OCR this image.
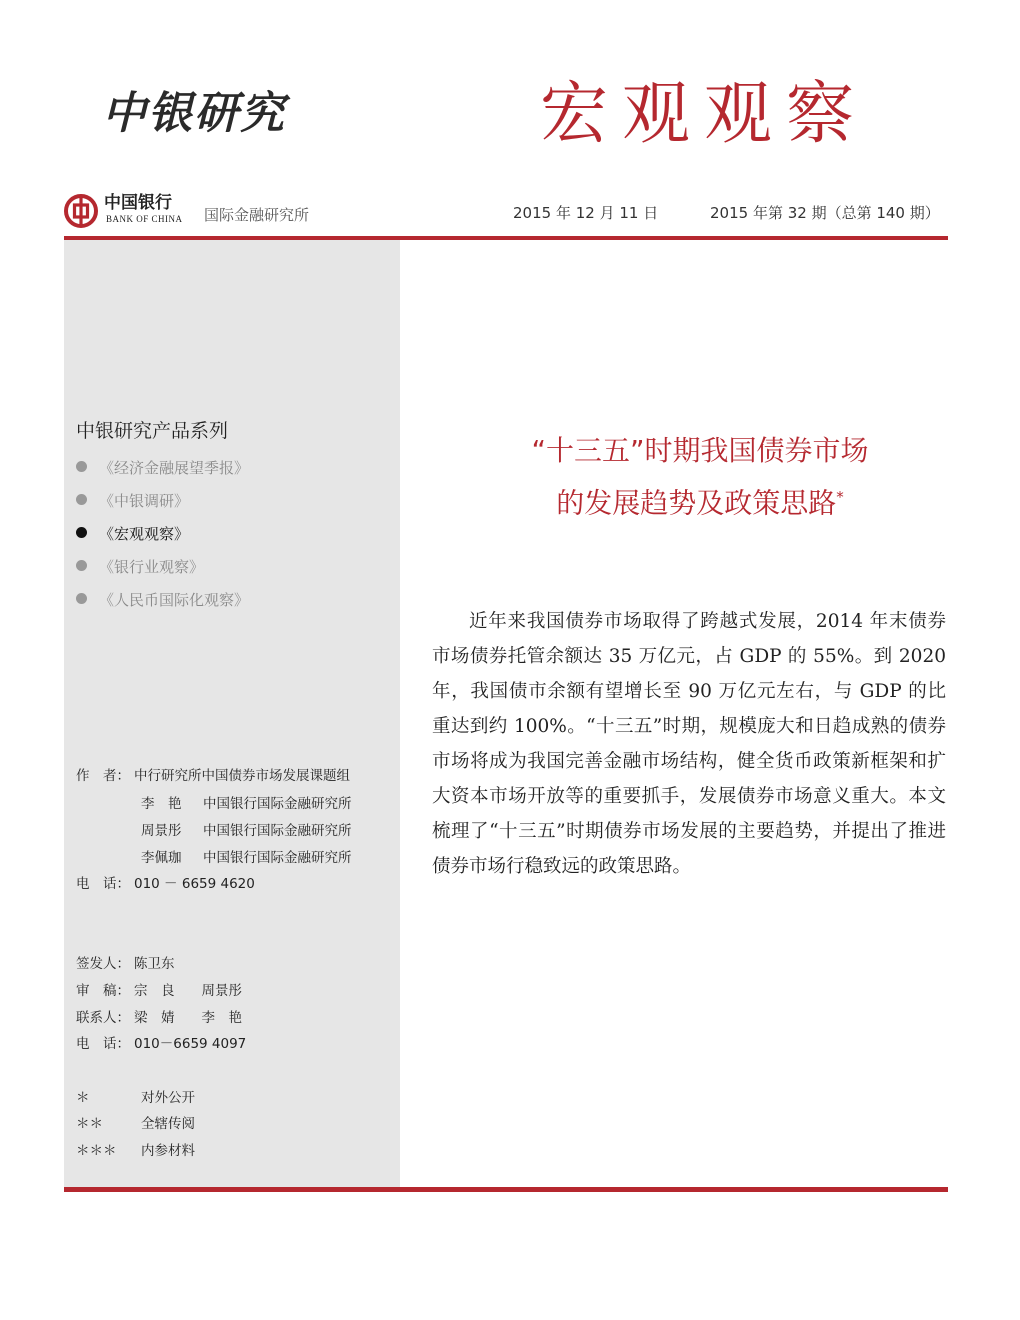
中银研究	宏观观察
中国银行
BANK OF CHINA 国际金融研究所	2015 年 12 月 11 日	2015 年第 32 期（总第 140 期）
中银研究产品系列
《经济金融展望季报》
《中银调研》
《宏观观察》
《银行业观察》
《人民币国际化观察》
作　者： 中行研究所中国债券市场发展课题组
李　艳 中国银行国际金融研究所
周景彤 中国银行国际金融研究所
李佩珈 中国银行国际金融研究所
电　话： 010 － 6659 4620
签发人： 陈卫东
审　稿： 宗　良　　周景彤
联系人： 梁　婧　　李　艳
电　话： 010－6659 4097
＊	对外公开
＊＊	全辖传阅
＊＊＊ 内参材料
“十三五”时期我国债券市场
的发展趋势及政策思路*

近年来我国债券市场取得了跨越式发展，2014 年末债券市场债券托管余额达 35 万亿元，占 GDP 的 55%。到 2020 年，我国债市余额有望增长至 90 万亿元左右，与 GDP 的比重达到约 100%。“十三五”时期，规模庞大和日趋成熟的债券市场将成为我国完善金融市场结构，健全货币政策新框架和扩大资本市场开放等的重要抓手，发展债券市场意义重大。本文梳理了“十三五”时期债券市场发展的主要趋势，并提出了推进债券市场行稳致远的政策思路。
